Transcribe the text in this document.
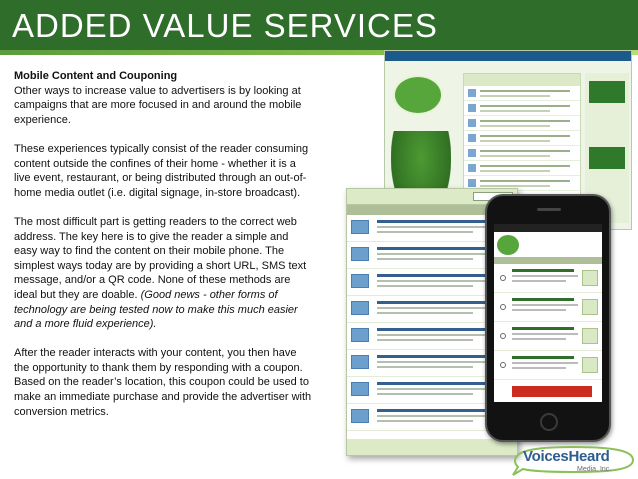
ADDED VALUE SERVICES

Mobile Content and Couponing
Other ways to increase value to advertisers is by looking at campaigns that are more focused in and around the mobile experience.

These experiences typically consist of the reader consuming content outside the confines of their home - whether it is a live event, restaurant, or being distributed through an out-of-home media outlet (i.e. digital signage, in-store broadcast).

The most difficult part is getting readers to the correct web address. The key here is to give the reader a simple and easy way to find the content on their mobile phone. The simplest ways today are by providing a short URL, SMS text message, and/or a QR code. None of these methods are ideal but they are doable. (Good news - other forms of technology are being tested now to make this much easier and a more fluid experience).

After the reader interacts with your content, you then have the opportunity to thank them by responding with a coupon. Based on the reader’s location, this coupon could be used to make an immediate purchase and provide the advertiser with conversion metrics.

VoicesHeard
Media, Inc.
